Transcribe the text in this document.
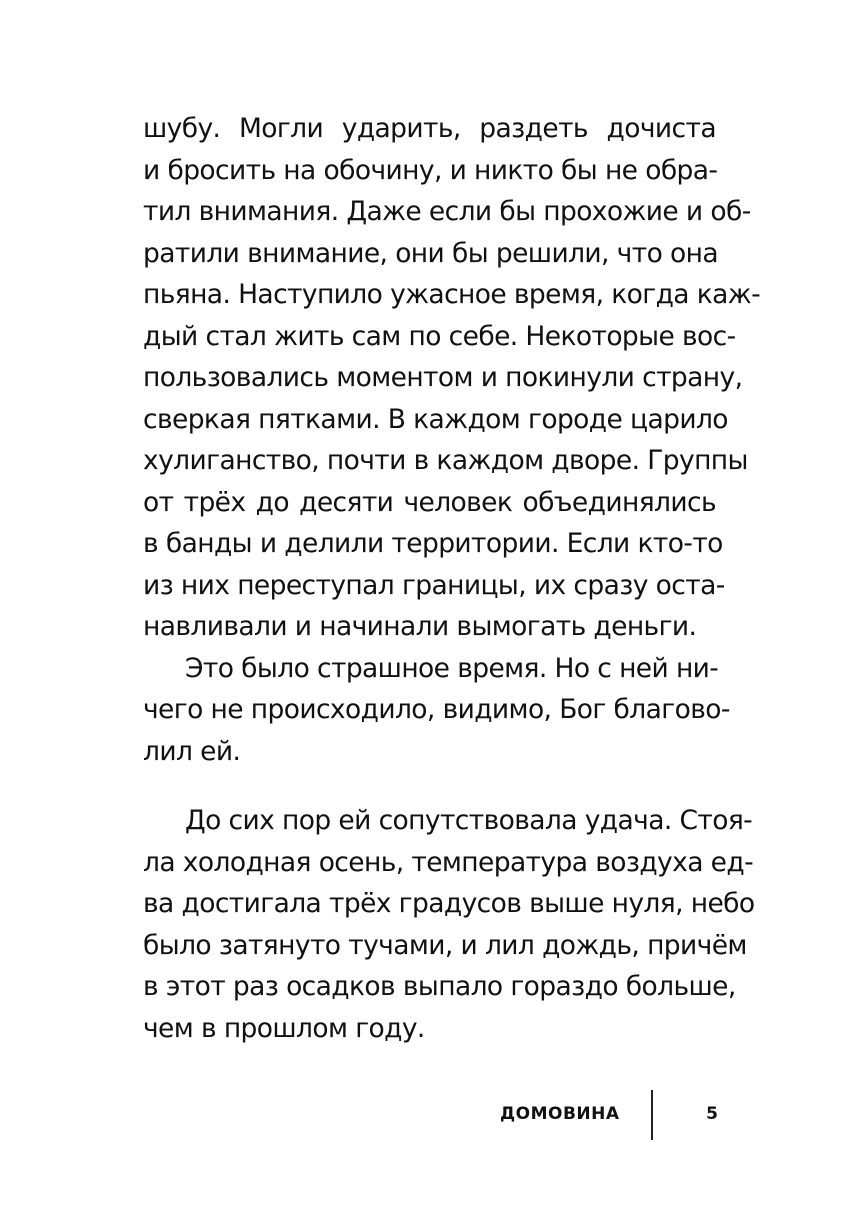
шубу. Могли ударить, раздеть дочиста
и бросить на обочину, и никто бы не обра-
тил внимания. Даже если бы прохожие и об-
ратили внимание, они бы решили, что она
пьяна. Наступило ужасное время, когда каж-
дый стал жить сам по себе. Некоторые вос-
пользовались моментом и покинули страну,
сверкая пятками. В каждом городе царило
хулиганство, почти в каждом дворе. Группы
от трёх до десяти человек объединялись
в банды и делили территории. Если кто-то
из них переступал границы, их сразу оста-
навливали и начинали вымогать деньги.

Это было страшное время. Но с ней ни-
чего не происходило, видимо, Бог благово-
лил ей.

До сих пор ей сопутствовала удача. Стоя-
ла холодная осень, температура воздуха ед-
ва достигала трёх градусов выше нуля, небо
было затянуто тучами, и лил дождь, причём
в этот раз осадков выпало гораздо больше,
чем в прошлом году.

ДОМОВИНА	5
